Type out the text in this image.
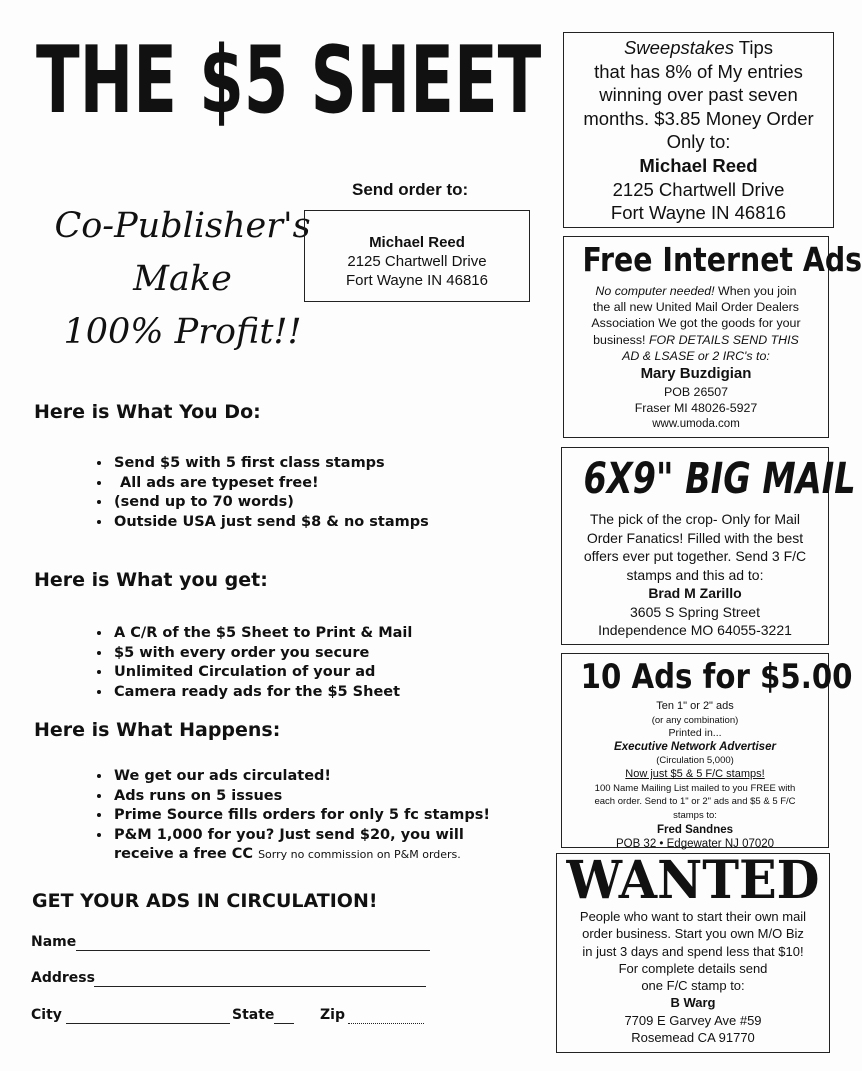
THE $5 SHEET
Co-Publisher's
Make
100% Profit!!
Send order to:
Michael Reed
2125 Chartwell Drive
Fort Wayne IN 46816
Here is What You Do:
• Send $5 with 5 first class stamps
• All ads are typeset free!
• (send up to 70 words)
• Outside USA just send $8 & no stamps
Here is What you get:
• A C/R of the $5 Sheet to Print & Mail
• $5 with every order you secure
• Unlimited Circulation of your ad
• Camera ready ads for the $5 Sheet
Here is What Happens:
• We get our ads circulated!
• Ads runs on 5 issues
• Prime Source fills orders for only 5 fc stamps!
• P&M 1,000 for you? Just send $20, you will
receive a free CC Sorry no commission on P&M orders.
GET YOUR ADS IN CIRCULATION!
Name
Address
City	State	Zip
Sweepstakes Tips
that has 8% of My entries
winning over past seven
months. $3.85 Money Order
Only to:
Michael Reed
2125 Chartwell Drive
Fort Wayne IN 46816
Free Internet Ads
No computer needed! When you join
the all new United Mail Order Dealers
Association We got the goods for your
business! FOR DETAILS SEND THIS
AD & LSASE or 2 IRC's to:
Mary Buzdigian
POB 26507
Fraser MI 48026-5927
www.umoda.com
6X9" BIG MAIL
The pick of the crop- Only for Mail
Order Fanatics! Filled with the best
offers ever put together. Send 3 F/C
stamps and this ad to:
Brad M Zarillo
3605 S Spring Street
Independence MO 64055-3221
10 Ads for $5.00
Ten 1" or 2" ads
(or any combination)
Printed in...
Executive Network Advertiser
(Circulation 5,000)
Now just $5 & 5 F/C stamps!
100 Name Mailing List mailed to you FREE with
each order. Send to 1" or 2" ads and $5 & 5 F/C
stamps to:
Fred Sandnes
POB 32 • Edgewater NJ 07020
WANTED
People who want to start their own mail
order business. Start you own M/O Biz
in just 3 days and spend less that $10!
For complete details send
one F/C stamp to:
B Warg
7709 E Garvey Ave #59
Rosemead CA 91770
